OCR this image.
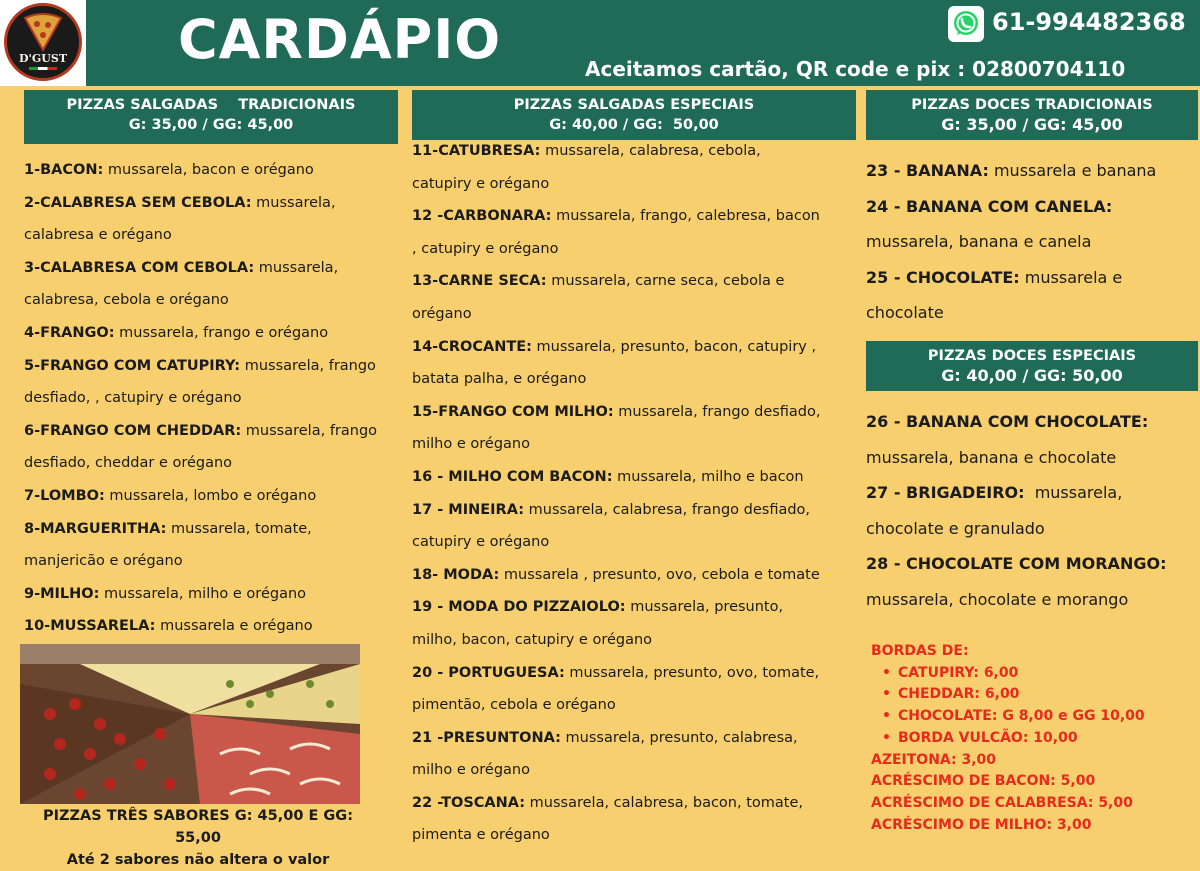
D'GUST CARDÁPIO	61-994482368
Aceitamos cartão, QR code e pix : 02800704110
PIZZAS SALGADAS    TRADICIONAIS
G: 35,00 / GG: 45,00
PIZZAS SALGADAS ESPECIAIS
G: 40,00 / GG:  50,00
PIZZAS DOCES TRADICIONAIS
G: 35,00 / GG: 45,00
PIZZAS DOCES ESPECIAIS
G: 40,00 / GG: 50,00
1-BACON: mussarela, bacon e orégano
2-CALABRESA SEM CEBOLA: mussarela,
calabresa e orégano
3-CALABRESA COM CEBOLA: mussarela,
calabresa, cebola e orégano
4-FRANGO: mussarela, frango e orégano
5-FRANGO COM CATUPIRY: mussarela, frango
desfiado, , catupiry e orégano
6-FRANGO COM CHEDDAR: mussarela, frango
desfiado, cheddar e orégano
7-LOMBO: mussarela, lombo e orégano
8-MARGUERITHA: mussarela, tomate,
manjericão e orégano
9-MILHO: mussarela, milho e orégano
10-MUSSARELA: mussarela e orégano
11-CATUBRESA: mussarela, calabresa, cebola,
catupiry e orégano
12 -CARBONARA: mussarela, frango, calebresa, bacon
, catupiry e orégano
13-CARNE SECA: mussarela, carne seca, cebola e
orégano
14-CROCANTE: mussarela, presunto, bacon, catupiry ,
batata palha, e orégano
15-FRANGO COM MILHO: mussarela, frango desfiado,
milho e orégano
16 - MILHO COM BACON: mussarela, milho e bacon
17 - MINEIRA: mussarela, calabresa, frango desfiado,
catupiry e orégano
18- MODA: mussarela , presunto, ovo, cebola e tomate
19 - MODA DO PIZZAIOLO: mussarela, presunto,
milho, bacon, catupiry e orégano
20 - PORTUGUESA: mussarela, presunto, ovo, tomate,
pimentão, cebola e orégano
21 -PRESUNTONA: mussarela, presunto, calabresa,
milho e orégano
22 -TOSCANA: mussarela, calabresa, bacon, tomate,
pimenta e orégano
23 - BANANA: mussarela e banana
24 - BANANA COM CANELA:
mussarela, banana e canela
25 - CHOCOLATE: mussarela e
chocolate
26 - BANANA COM CHOCOLATE:
mussarela, banana e chocolate
27 - BRIGADEIRO:  mussarela,
chocolate e granulado
28 - CHOCOLATE COM MORANGO:
mussarela, chocolate e morango
PIZZAS TRÊS SABORES G: 45,00 E GG: 55,00
Até 2 sabores não altera o valor
BORDAS DE:
• CATUPIRY: 6,00
• CHEDDAR: 6,00
• CHOCOLATE: G 8,00 e GG 10,00
• BORDA VULCÃO: 10,00
AZEITONA: 3,00
ACRÉSCIMO DE BACON: 5,00
ACRÉSCIMO DE CALABRESA: 5,00
ACRÉSCIMO DE MILHO: 3,00
